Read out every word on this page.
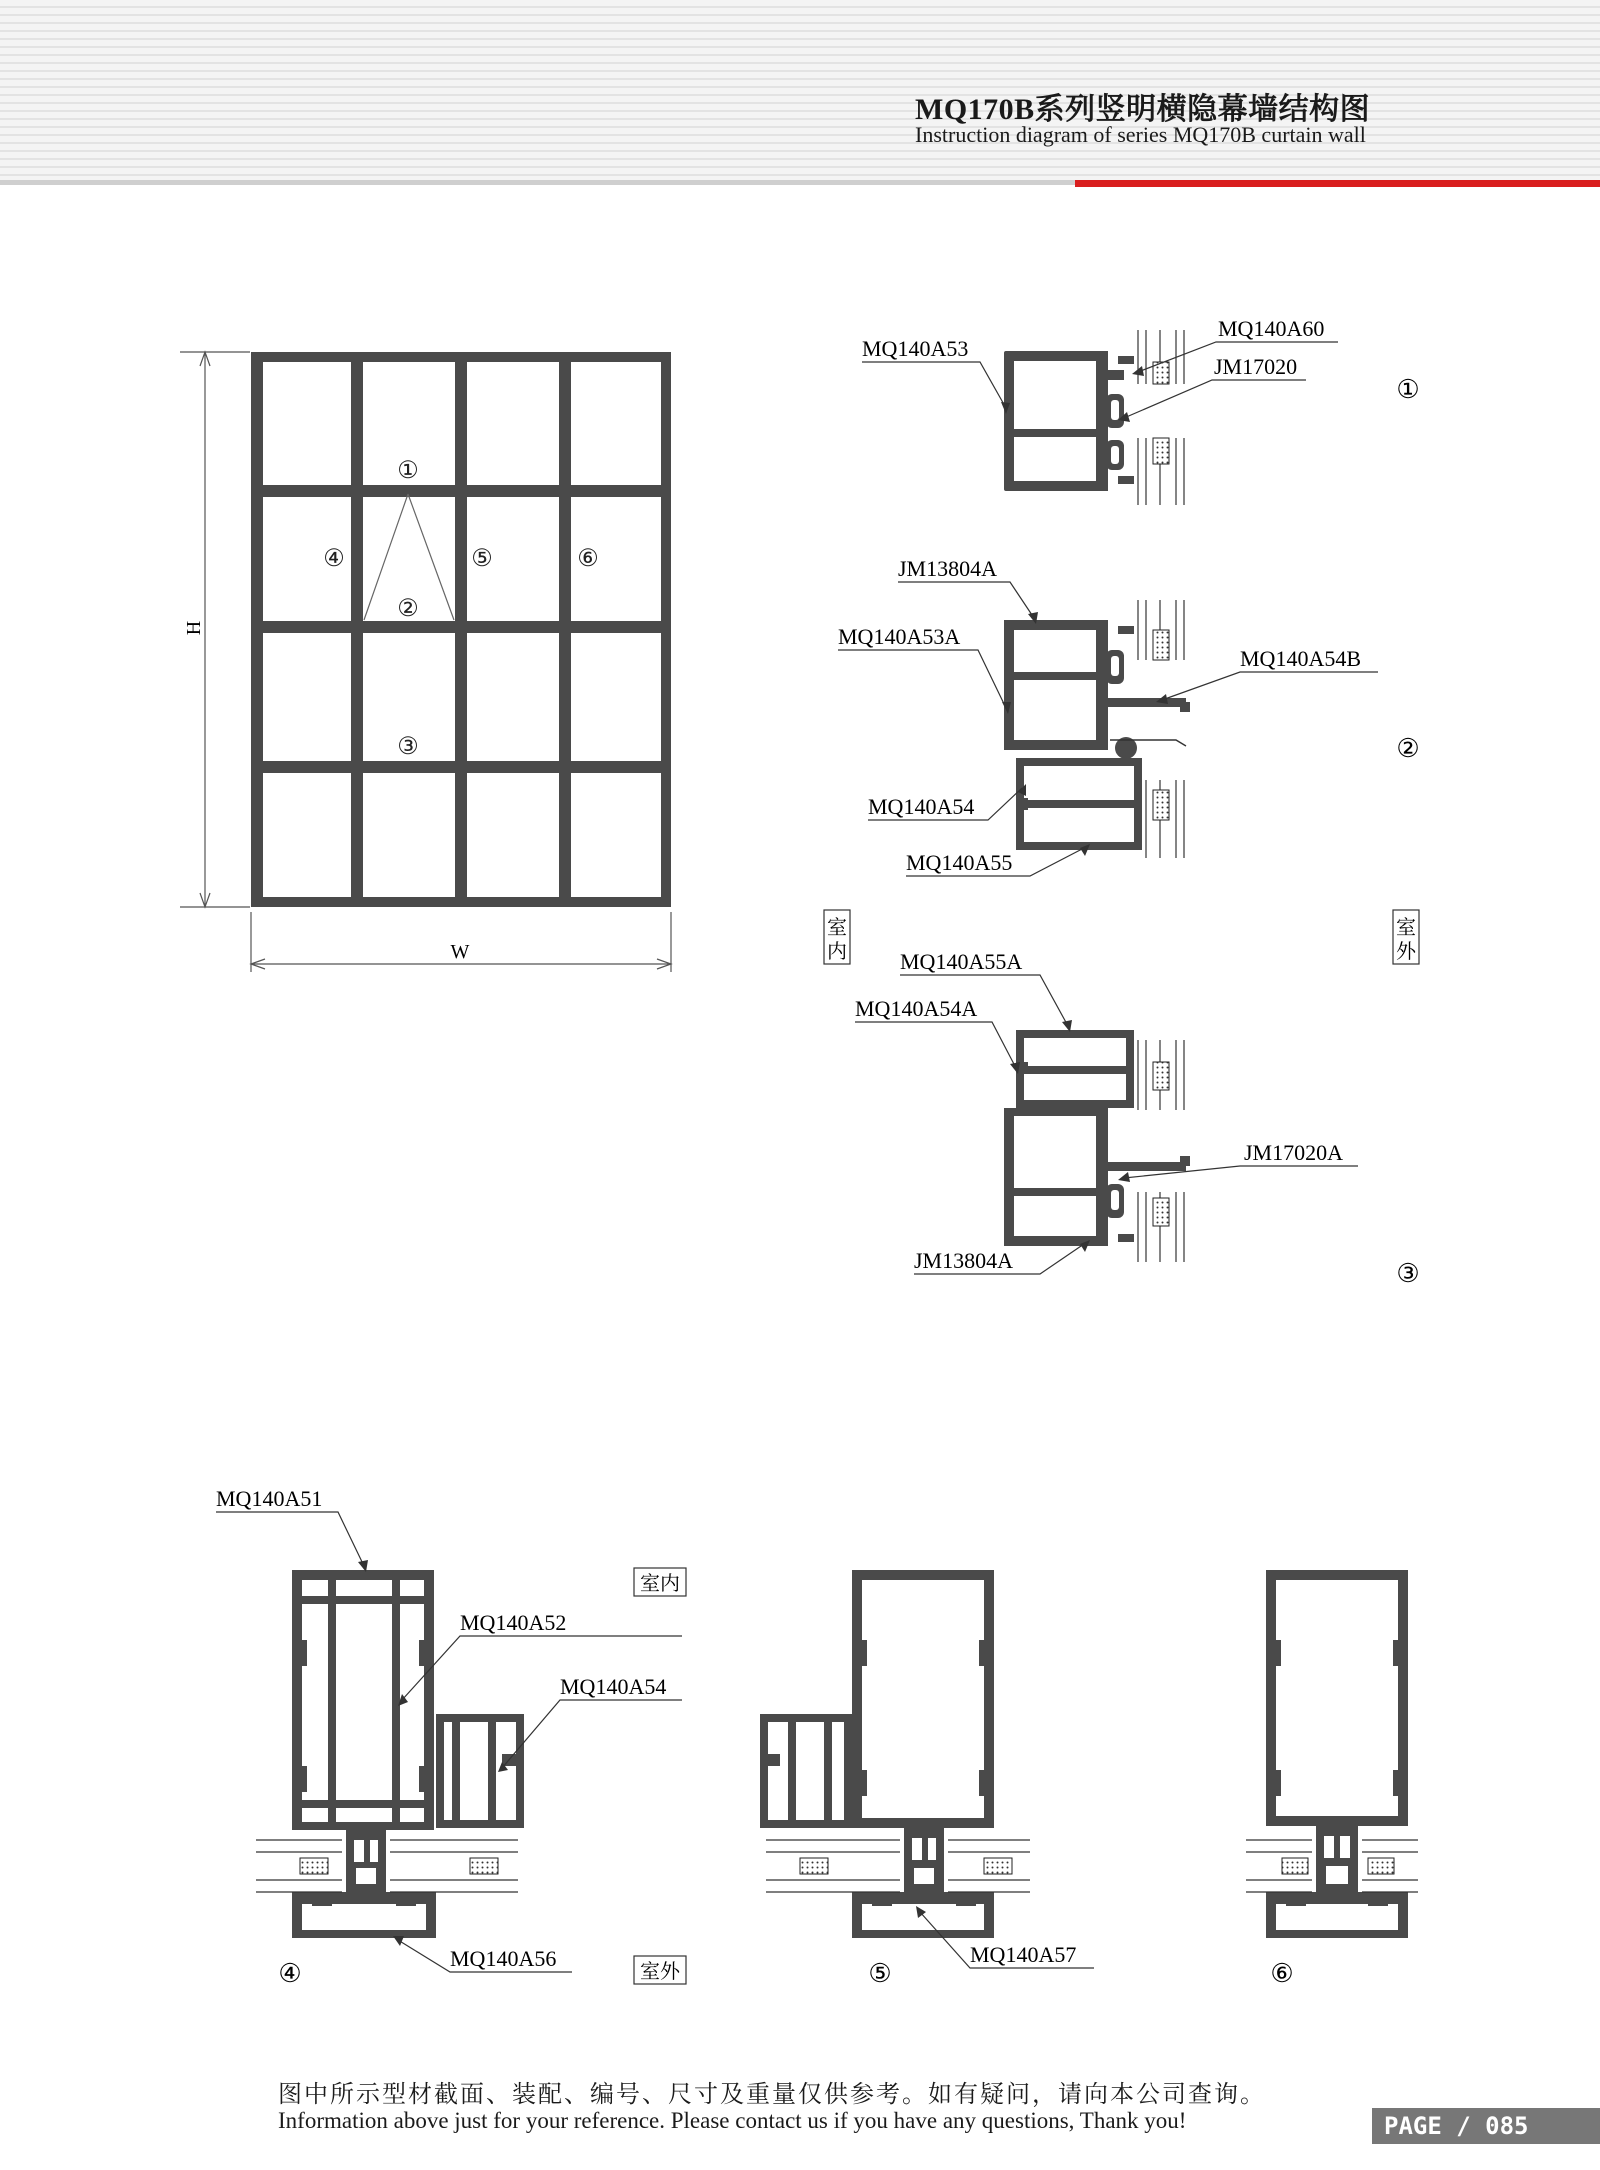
MQ170B系列竖明横隐幕墙结构图
Instruction diagram of series MQ170B curtain wall
H
W
①
②
③
④	⑤	⑥
MQ140A53
MQ140A60
JM17020
①
JM13804A
MQ140A53A
MQ140A54B
MQ140A54
MQ140A55
②
室
内
室
外
MQ140A55A
MQ140A54A
JM17020A
JM13804A	③
MQ140A51
MQ140A52
MQ140A54
MQ140A56
④
室内
室外
MQ140A57
⑤	⑥
图中所示型材截面、装配、编号、尺寸及重量仅供参考。如有疑问，请向本公司查询。
Information above just for your reference. Please contact us if you have any questions, Thank you!	PAGE / 085
